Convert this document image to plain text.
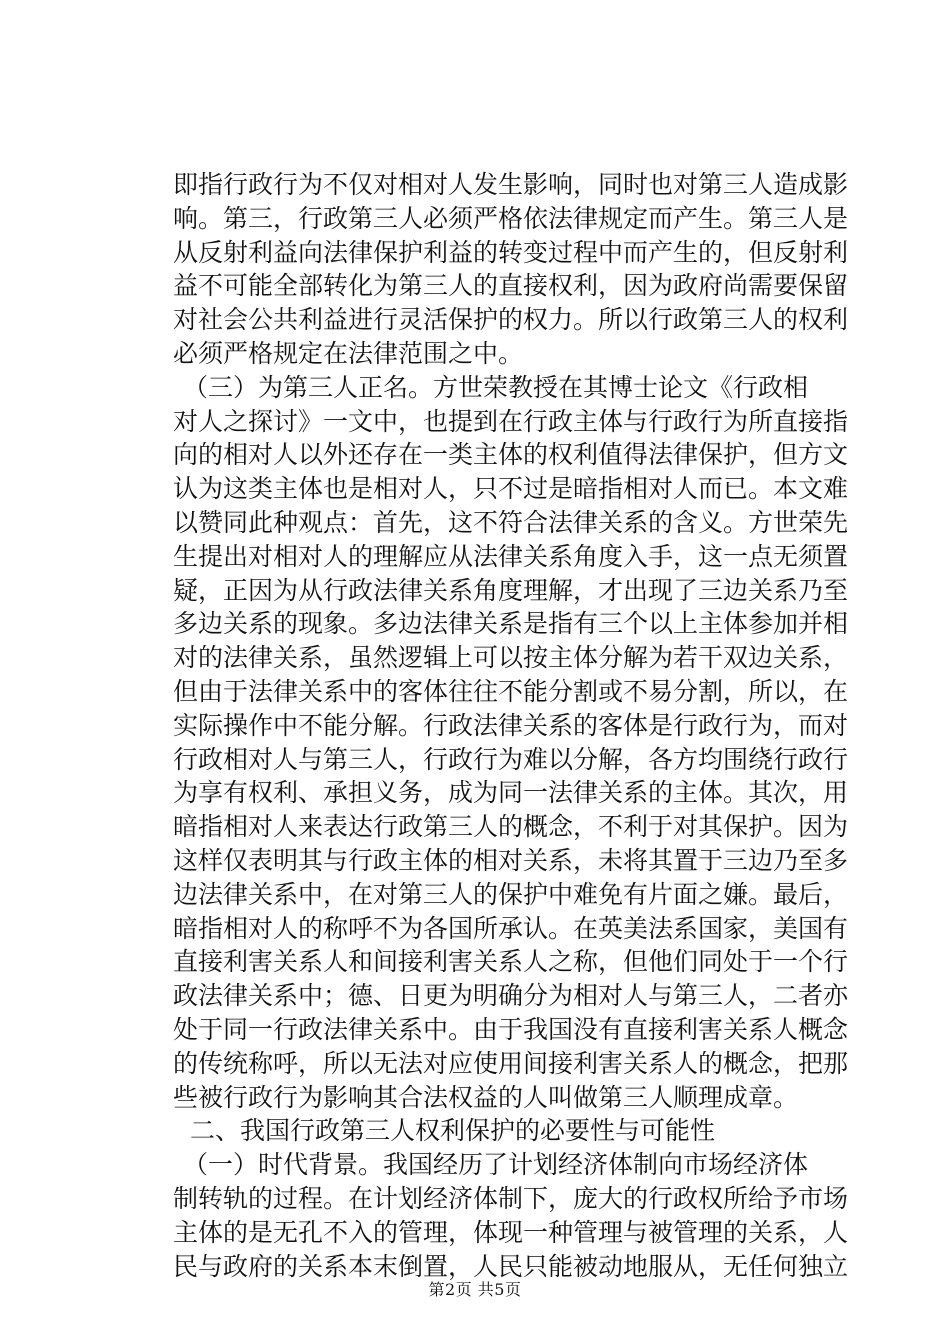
即指行政行为不仅对相对人发生影响，同时也对第三人造成影
响。第三，行政第三人必须严格依法律规定而产生。第三人是
从反射利益向法律保护利益的转变过程中而产生的，但反射利
益不可能全部转化为第三人的直接权利，因为政府尚需要保留
对社会公共利益进行灵活保护的权力。所以行政第三人的权利
必须严格规定在法律范围之中。
（三）为第三人正名。方世荣教授在其博士论文《行政相
对人之探讨》一文中，也提到在行政主体与行政行为所直接指
向的相对人以外还存在一类主体的权利值得法律保护，但方文
认为这类主体也是相对人，只不过是暗指相对人而已。本文难
以赞同此种观点：首先，这不符合法律关系的含义。方世荣先
生提出对相对人的理解应从法律关系角度入手，这一点无须置
疑，正因为从行政法律关系角度理解，才出现了三边关系乃至
多边关系的现象。多边法律关系是指有三个以上主体参加并相
对的法律关系，虽然逻辑上可以按主体分解为若干双边关系，
但由于法律关系中的客体往往不能分割或不易分割，所以，在
实际操作中不能分解。行政法律关系的客体是行政行为，而对
行政相对人与第三人，行政行为难以分解，各方均围绕行政行
为享有权利、承担义务，成为同一法律关系的主体。其次，用
暗指相对人来表达行政第三人的概念，不利于对其保护。因为
这样仅表明其与行政主体的相对关系，未将其置于三边乃至多
边法律关系中，在对第三人的保护中难免有片面之嫌。最后，
暗指相对人的称呼不为各国所承认。在英美法系国家，美国有
直接利害关系人和间接利害关系人之称，但他们同处于一个行
政法律关系中；德、日更为明确分为相对人与第三人，二者亦
处于同一行政法律关系中。由于我国没有直接利害关系人概念
的传统称呼，所以无法对应使用间接利害关系人的概念，把那
些被行政行为影响其合法权益的人叫做第三人顺理成章。
二、我国行政第三人权利保护的必要性与可能性
（一）时代背景。我国经历了计划经济体制向市场经济体
制转轨的过程。在计划经济体制下，庞大的行政权所给予市场
主体的是无孔不入的管理，体现一种管理与被管理的关系，人
民与政府的关系本末倒置，人民只能被动地服从，无任何独立
第2页 共5页
